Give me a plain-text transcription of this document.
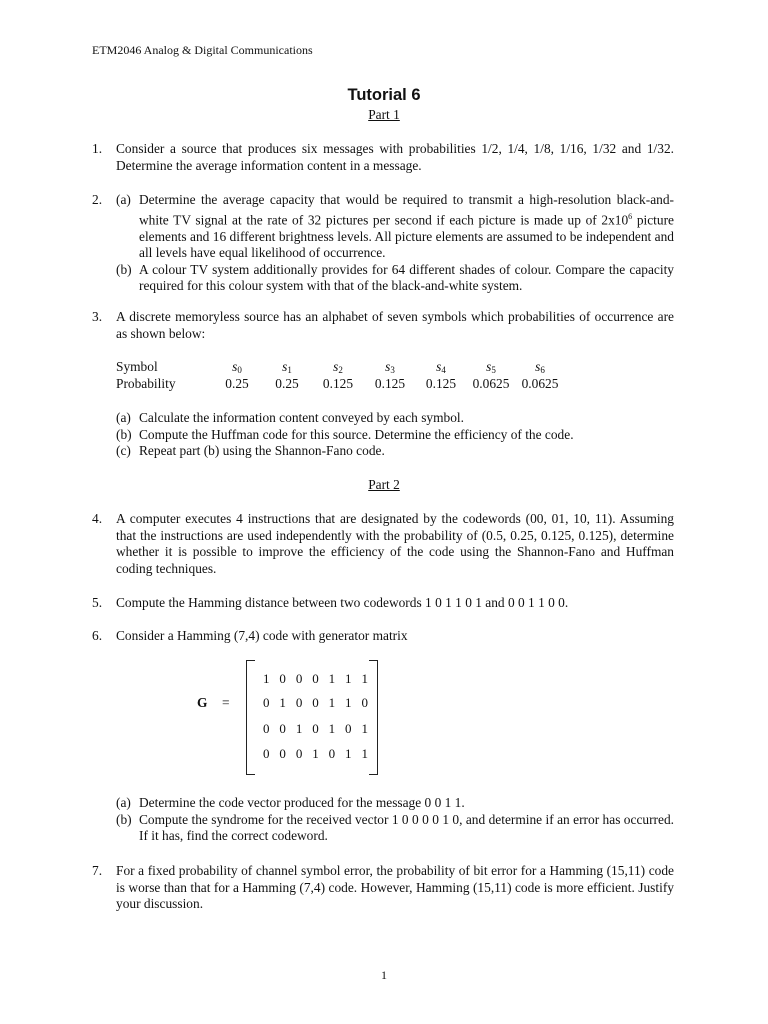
ETM2046 Analog & Digital Communications
Tutorial 6
Part 1
1. Consider a source that produces six messages with probabilities 1/2, 1/4, 1/8, 1/16, 1/32 and 1/32. Determine the average information content in a message.
2. (a) Determine the average capacity that would be required to transmit a high-resolution black-and-white TV signal at the rate of 32 pictures per second if each picture is made up of $2x10^6$ picture elements and 16 different brightness levels. All picture elements are assumed to be independent and all levels have equal likelihood of occurrence.
(b) A colour TV system additionally provides for 64 different shades of colour. Compare the capacity required for this colour system with that of the black-and-white system.
3. A discrete memoryless source has an alphabet of seven symbols which probabilities of occurrence are as shown below:
Symbol	$s_0$	$s_1$	$s_2$	$s_3$	$s_4$	$s_5$	$s_6$
Probability	0.25	0.25	0.125	0.125	0.125	0.0625 0.0625
(a) Calculate the information content conveyed by each symbol.
(b) Compute the Huffman code for this source. Determine the efficiency of the code.
(c) Repeat part (b) using the Shannon-Fano code.
Part 2
4. A computer executes 4 instructions that are designated by the codewords (00, 01, 10, 11). Assuming that the instructions are used independently with the probability of (0.5, 0.25, 0.125, 0.125), determine whether it is possible to improve the efficiency of the code using the Shannon-Fano and Huffman coding techniques.
5. Compute the Hamming distance between two codewords 1 0 1 1 0 1 and 0 0 1 1 0 0.
6. Consider a Hamming (7,4) code with generator matrix
G =
1 0 0 0 1 1 1
0 1 0 0 1 1 0
0 0 1 0 1 0 1
0 0 0 1 0 1 1
(a) Determine the code vector produced for the message 0 0 1 1.
(b) Compute the syndrome for the received vector 1 0 0 0 0 1 0, and determine if an error has occurred. If it has, find the correct codeword.
7. For a fixed probability of channel symbol error, the probability of bit error for a Hamming (15,11) code is worse than that for a Hamming (7,4) code. However, Hamming (15,11) code is more efficient. Justify your discussion.
1
